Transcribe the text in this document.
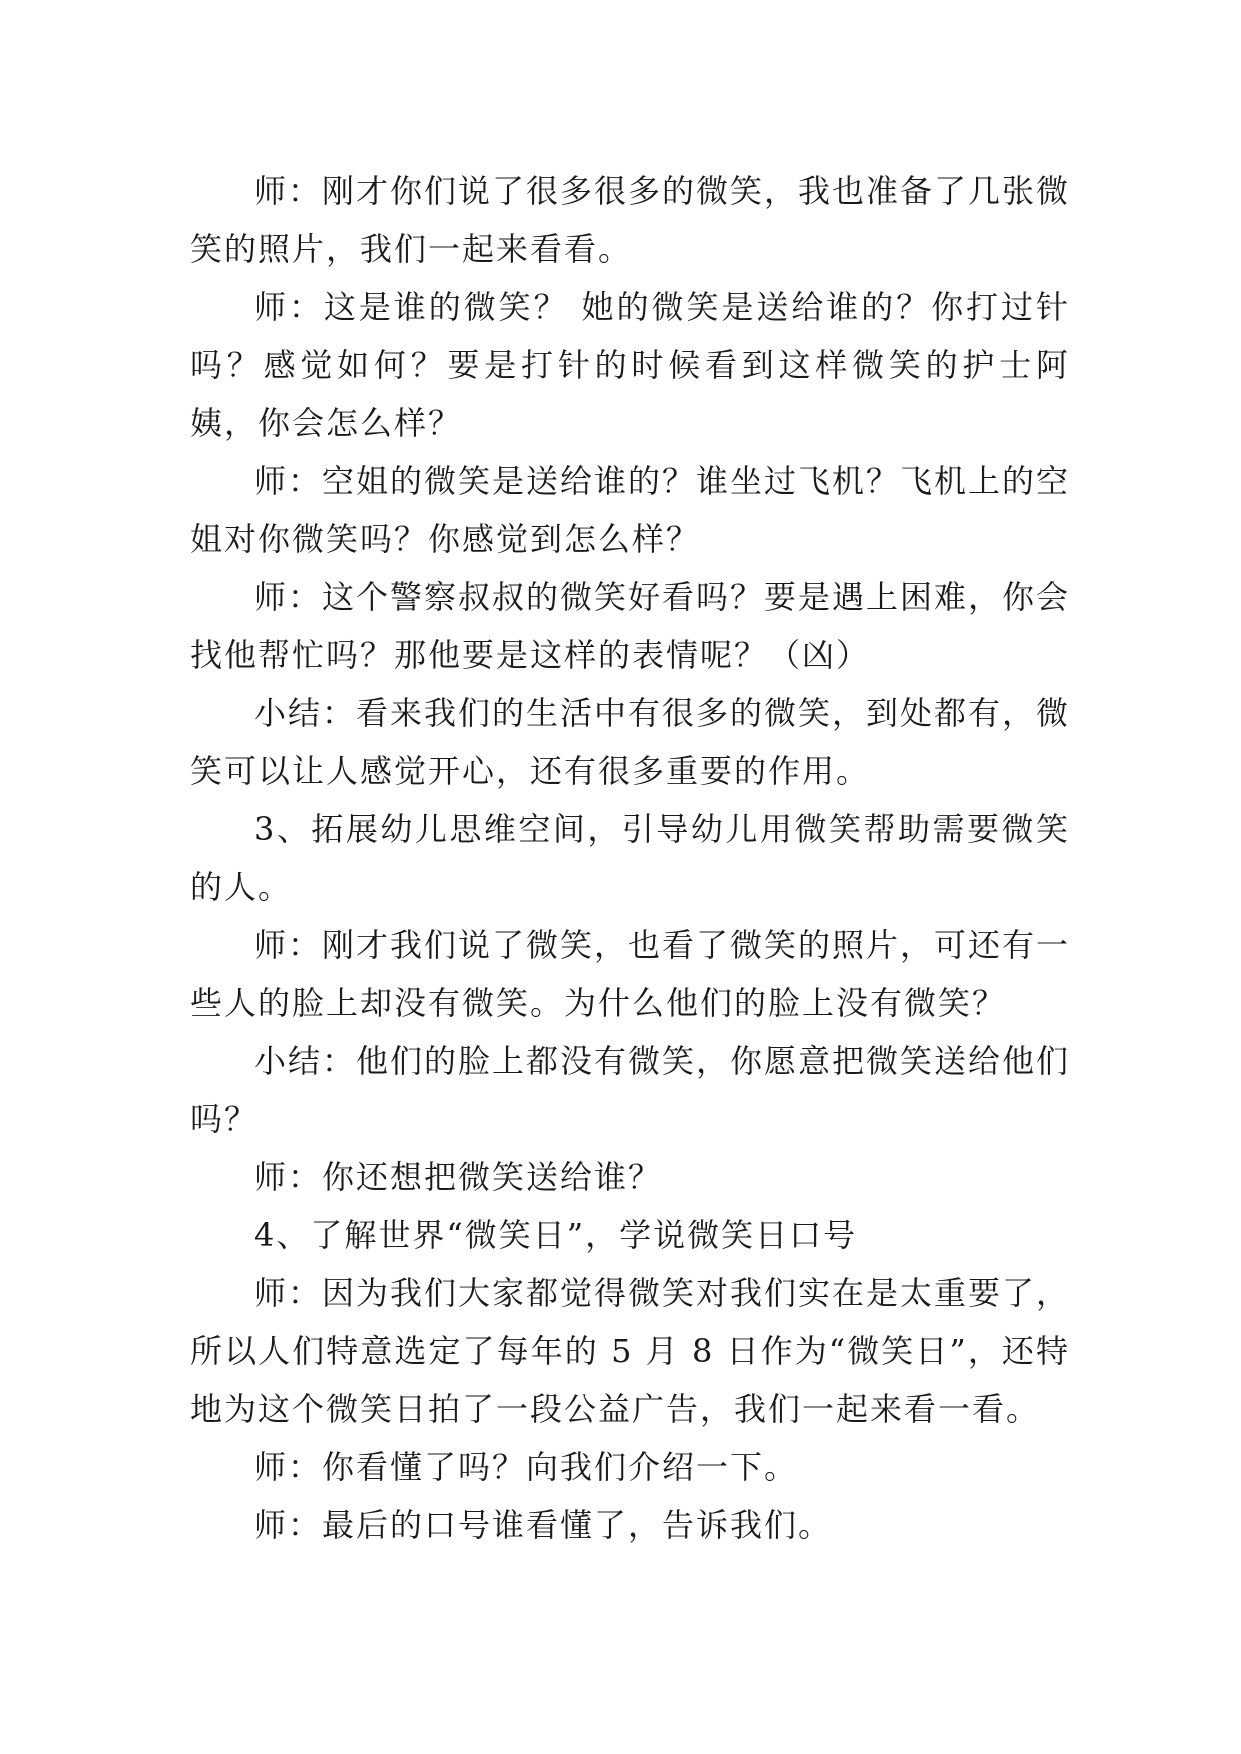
师：刚才你们说了很多很多的微笑，我也准备了几张微笑的照片，我们一起来看看。

师：这是谁的微笑？ 她的微笑是送给谁的？你打过针吗？感觉如何？要是打针的时候看到这样微笑的护士阿姨，你会怎么样？

师：空姐的微笑是送给谁的？谁坐过飞机？飞机上的空姐对你微笑吗？你感觉到怎么样？

师：这个警察叔叔的微笑好看吗？要是遇上困难，你会找他帮忙吗？那他要是这样的表情呢？（凶）

小结：看来我们的生活中有很多的微笑，到处都有，微笑可以让人感觉开心，还有很多重要的作用。

3、拓展幼儿思维空间，引导幼儿用微笑帮助需要微笑的人。

师：刚才我们说了微笑，也看了微笑的照片，可还有一些人的脸上却没有微笑。为什么他们的脸上没有微笑？

小结：他们的脸上都没有微笑，你愿意把微笑送给他们吗？

师：你还想把微笑送给谁？

4、了解世界“微笑日”，学说微笑日口号

师：因为我们大家都觉得微笑对我们实在是太重要了，所以人们特意选定了每年的 5 月 8 日作为“微笑日”，还特地为这个微笑日拍了一段公益广告，我们一起来看一看。

师：你看懂了吗？向我们介绍一下。

师：最后的口号谁看懂了，告诉我们。
